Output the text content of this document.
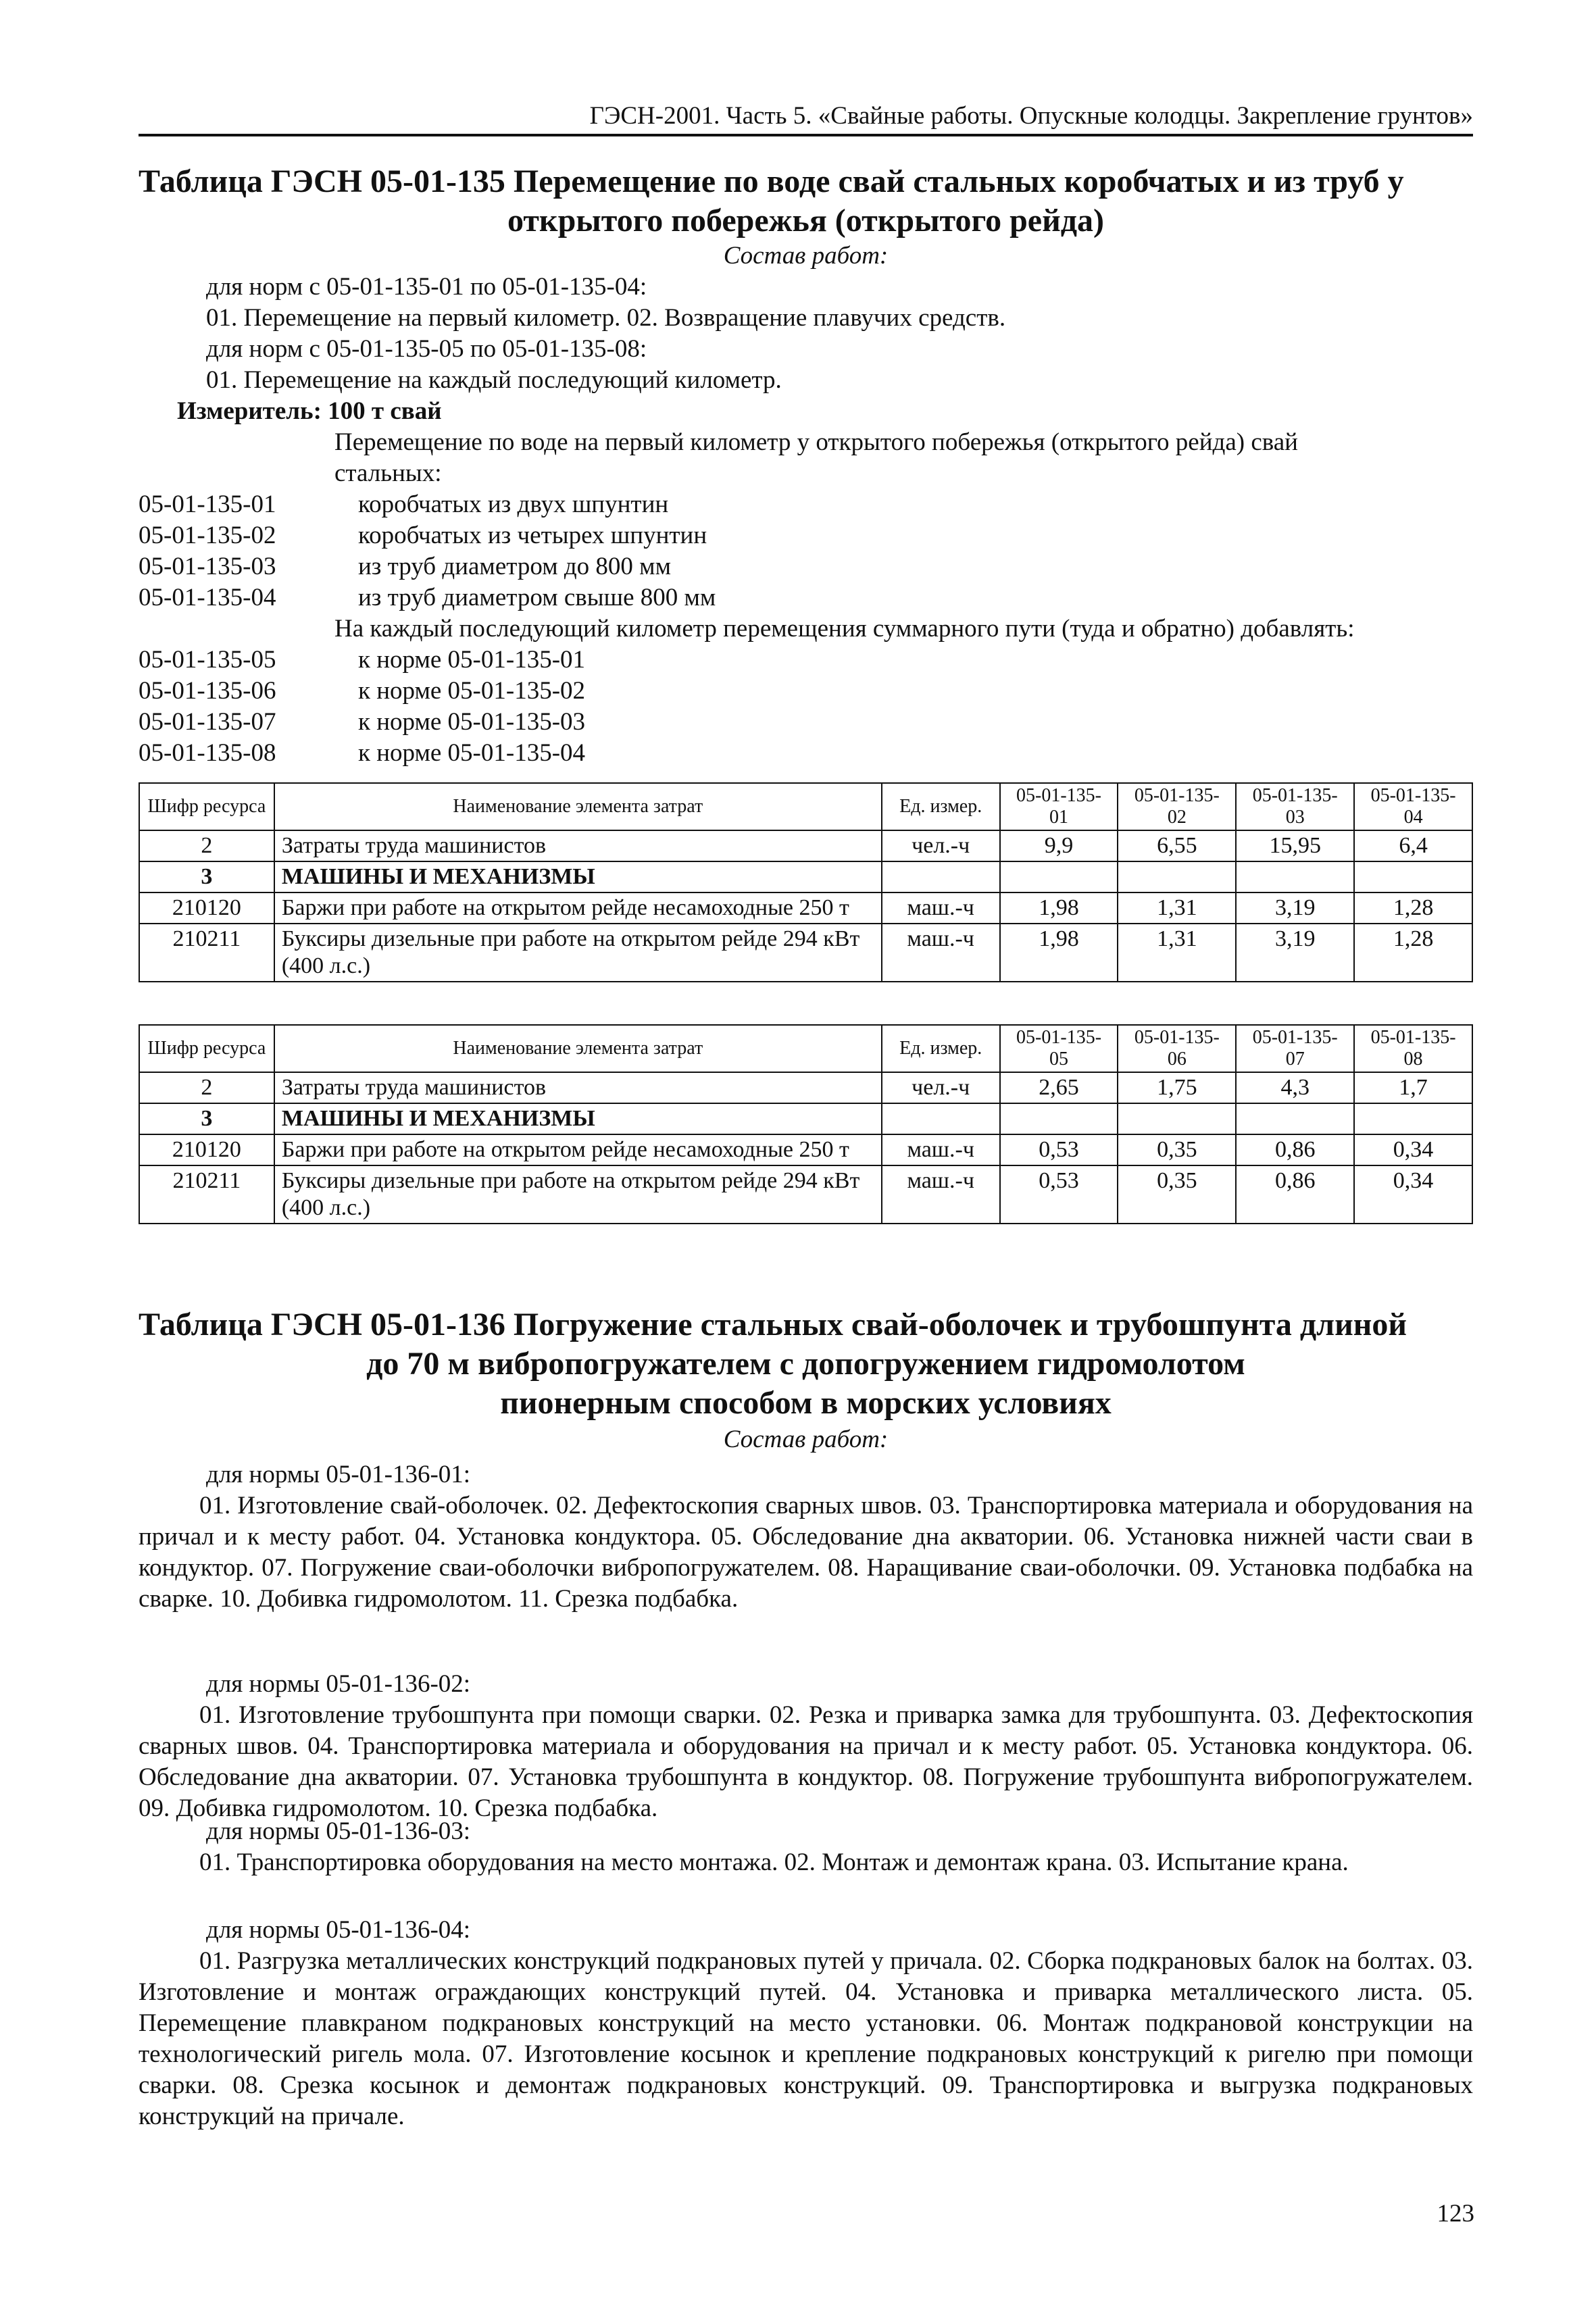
ГЭСН-2001. Часть 5. «Свайные работы. Опускные колодцы. Закрепление грунтов»
Таблица ГЭСН 05-01-135 Перемещение по воде свай стальных коробчатых и из труб у
открытого побережья (открытого рейда)
Состав работ:
для норм с 05-01-135-01 по 05-01-135-04:
01. Перемещение на первый километр. 02. Возвращение плавучих средств.
для норм с 05-01-135-05 по 05-01-135-08:
01. Перемещение на каждый последующий километр.
Измеритель: 100 т свай
Перемещение по воде на первый километр у открытого побережья (открытого рейда) свай
стальных:
05-01-135-01	коробчатых из двух шпунтин
05-01-135-02	коробчатых из четырех шпунтин
05-01-135-03	из труб диаметром до 800 мм
05-01-135-04	из труб диаметром свыше 800 мм
На каждый последующий километр перемещения суммарного пути (туда и обратно) добавлять:
05-01-135-05	к норме 05-01-135-01
05-01-135-06	к норме 05-01-135-02
05-01-135-07	к норме 05-01-135-03
05-01-135-08	к норме 05-01-135-04
Шифр ресурса	Наименование элемента затрат	Ед. измер.	05-01-135-01	05-01-135-02	05-01-135-03	05-01-135-04
2	Затраты труда машинистов	чел.-ч	9,9	6,55	15,95	6,4
3	МАШИНЫ И МЕХАНИЗМЫ					
210120	Баржи при работе на открытом рейде несамоходные 250 т	маш.-ч	1,98	1,31	3,19	1,28
210211	Буксиры дизельные при работе на открытом рейде 294 кВт (400 л.с.)	маш.-ч	1,98	1,31	3,19	1,28
Шифр ресурса	Наименование элемента затрат	Ед. измер.	05-01-135-05	05-01-135-06	05-01-135-07	05-01-135-08
2	Затраты труда машинистов	чел.-ч	2,65	1,75	4,3	1,7
3	МАШИНЫ И МЕХАНИЗМЫ					
210120	Баржи при работе на открытом рейде несамоходные 250 т	маш.-ч	0,53	0,35	0,86	0,34
210211	Буксиры дизельные при работе на открытом рейде 294 кВт (400 л.с.)	маш.-ч	0,53	0,35	0,86	0,34
Таблица ГЭСН 05-01-136 Погружение стальных свай-оболочек и трубошпунта длиной
до 70 м вибропогружателем с допогружением гидромолотом
пионерным способом в морских условиях
Состав работ:
для нормы 05-01-136-01:
01. Изготовление свай-оболочек. 02. Дефектоскопия сварных швов. 03. Транспортировка материала и оборудования на причал и к месту работ. 04. Установка кондуктора. 05. Обследование дна акватории. 06. Установка нижней части сваи в кондуктор. 07. Погружение сваи-оболочки вибропогружателем. 08. Наращивание сваи-оболочки. 09. Установка подбабка на сварке. 10. Добивка гидромолотом. 11. Срезка подбабка.
для нормы 05-01-136-02:
01. Изготовление трубошпунта при помощи сварки. 02. Резка и приварка замка для трубошпунта. 03. Дефектоскопия сварных швов. 04. Транспортировка материала и оборудования на причал и к месту работ. 05. Установка кондуктора. 06. Обследование дна акватории. 07. Установка трубошпунта в кондуктор. 08. Погружение трубошпунта вибропогружателем. 09. Добивка гидромолотом. 10. Срезка подбабка.
для нормы 05-01-136-03:
01. Транспортировка оборудования на место монтажа. 02. Монтаж и демонтаж крана. 03. Испытание крана.
для нормы 05-01-136-04:
01. Разгрузка металлических конструкций подкрановых путей у причала. 02. Сборка подкрановых балок на болтах. 03. Изготовление и монтаж ограждающих конструкций путей. 04. Установка и приварка металлического листа. 05. Перемещение плавкраном подкрановых конструкций на место установки. 06. Монтаж подкрановой конструкции на технологический ригель мола. 07. Изготовление косынок и крепление подкрановых конструкций к ригелю при помощи сварки. 08. Срезка косынок и демонтаж подкрановых конструкций. 09. Транспортировка и выгрузка подкрановых конструкций на причале.
123
